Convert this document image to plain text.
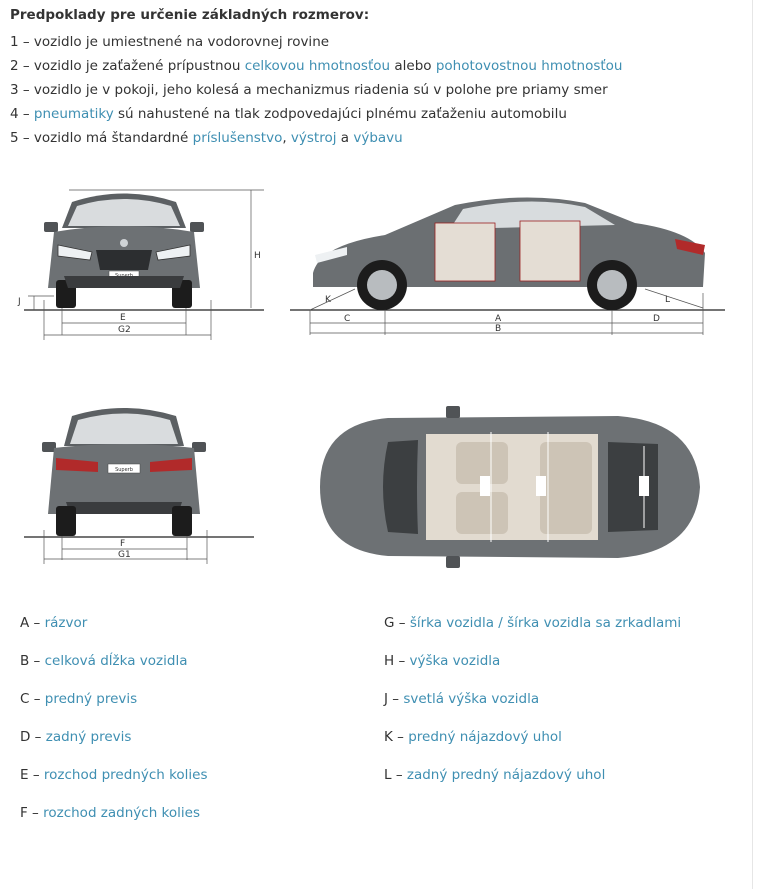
Predpoklady pre určenie základných rozmerov:
1 – vozidlo je umiestnené na vodorovnej rovine
2 – vozidlo je zaťažené prípustnou celkovou hmotnosťou alebo pohotovostnou hmotnosťou
3 – vozidlo je v pokoji, jeho kolesá a mechanizmus riadenia sú v polohe pre priamy smer
4 – pneumatiky sú nahustené na tlak zodpovedajúci plnému zaťaženiu automobilu
5 – vozidlo má štandardné príslušenstvo, výstroj a výbavu
H
J
E
G2
K	L
C	A	D
B
Superb
F
G1
A – rázvor
B – celková dĺžka vozidla
C – predný previs
D – zadný previs
E – rozchod predných kolies
F – rozchod zadných kolies
G – šírka vozidla / šírka vozidla sa zrkadlami
H – výška vozidla
J – svetlá výška vozidla
K – predný nájazdový uhol
L – zadný predný nájazdový uhol
